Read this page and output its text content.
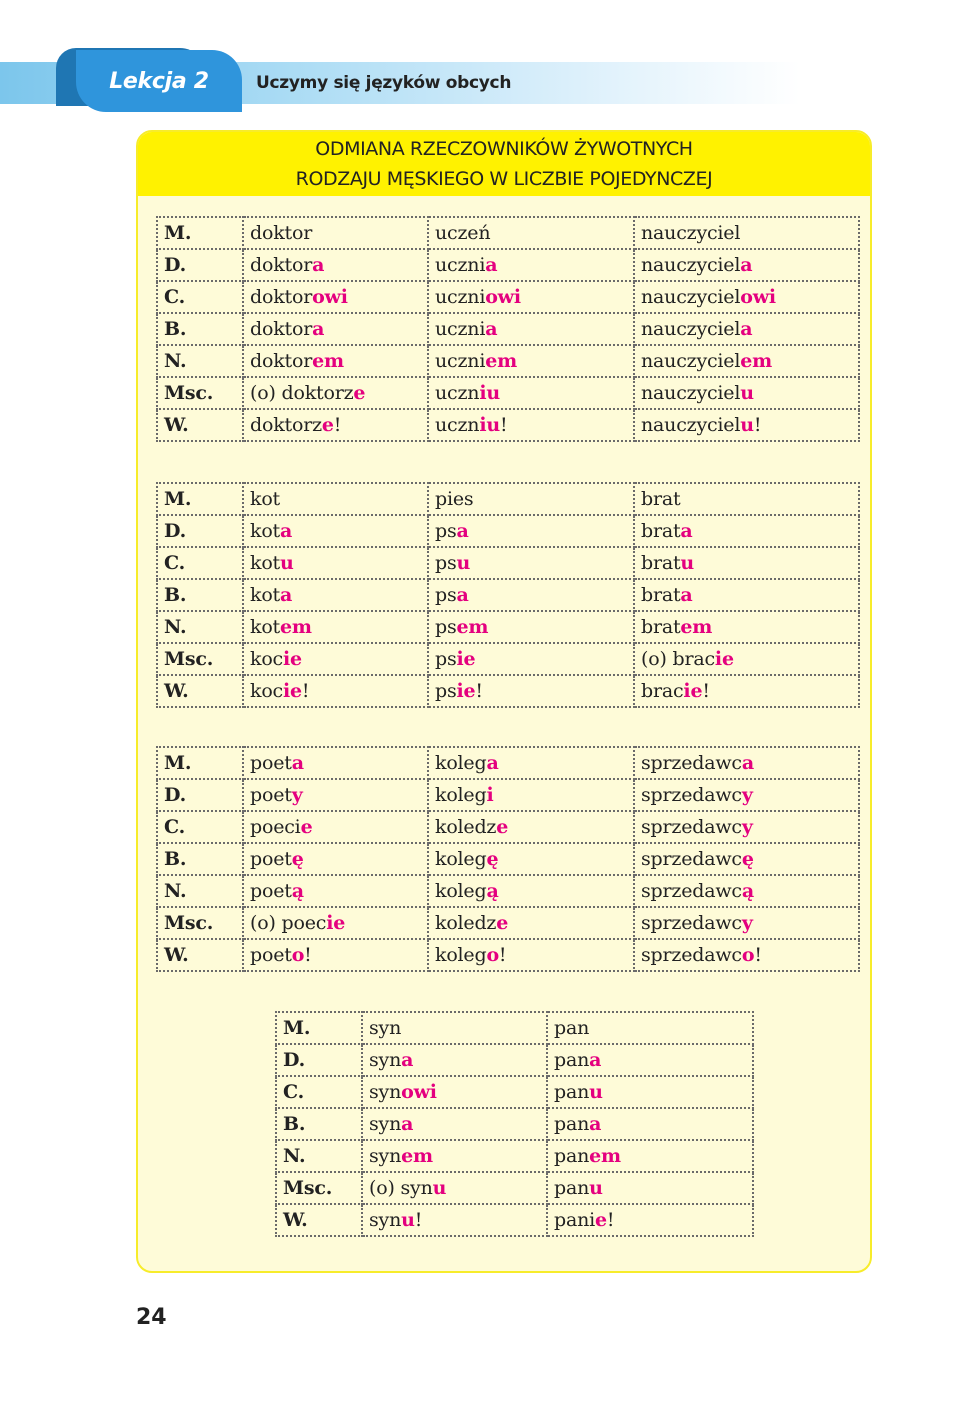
Lekcja 2	Uczymy się języków obcych
ODMIANA RZECZOWNIKÓW ŻYWOTNYCH
RODZAJU MĘSKIEGO W LICZBIE POJEDYNCZEJ
M.	doktor	uczeń	nauczyciel
D.	doktora	ucznia	nauczyciela
C.	doktorowi	uczniowi	nauczycielowi
B.	doktora	ucznia	nauczyciela
N.	doktorem	uczniem	nauczycielem
Msc.	(o) doktorze	uczniu	nauczycielu
W.	doktorze!	uczniu!	nauczycielu!
M.	kot	pies	brat
D.	kota	psa	brata
C.	kotu	psu	bratu
B.	kota	psa	brata
N.	kotem	psem	bratem
Msc.	kocie	psie	(o) bracie
W.	kocie!	psie!	bracie!
M.	poeta	kolega	sprzedawca
D.	poety	kolegi	sprzedawcy
C.	poecie	koledze	sprzedawcy
B.	poetę	kolegę	sprzedawcę
N.	poetą	kolegą	sprzedawcą
Msc.	(o) poecie	koledze	sprzedawcy
W.	poeto!	kolego!	sprzedawco!
M.	syn	pan
D.	syna	pana
C.	synowi	panu
B.	syna	pana
N.	synem	panem
Msc.	(o) synu	panu
W.	synu!	panie!
24
